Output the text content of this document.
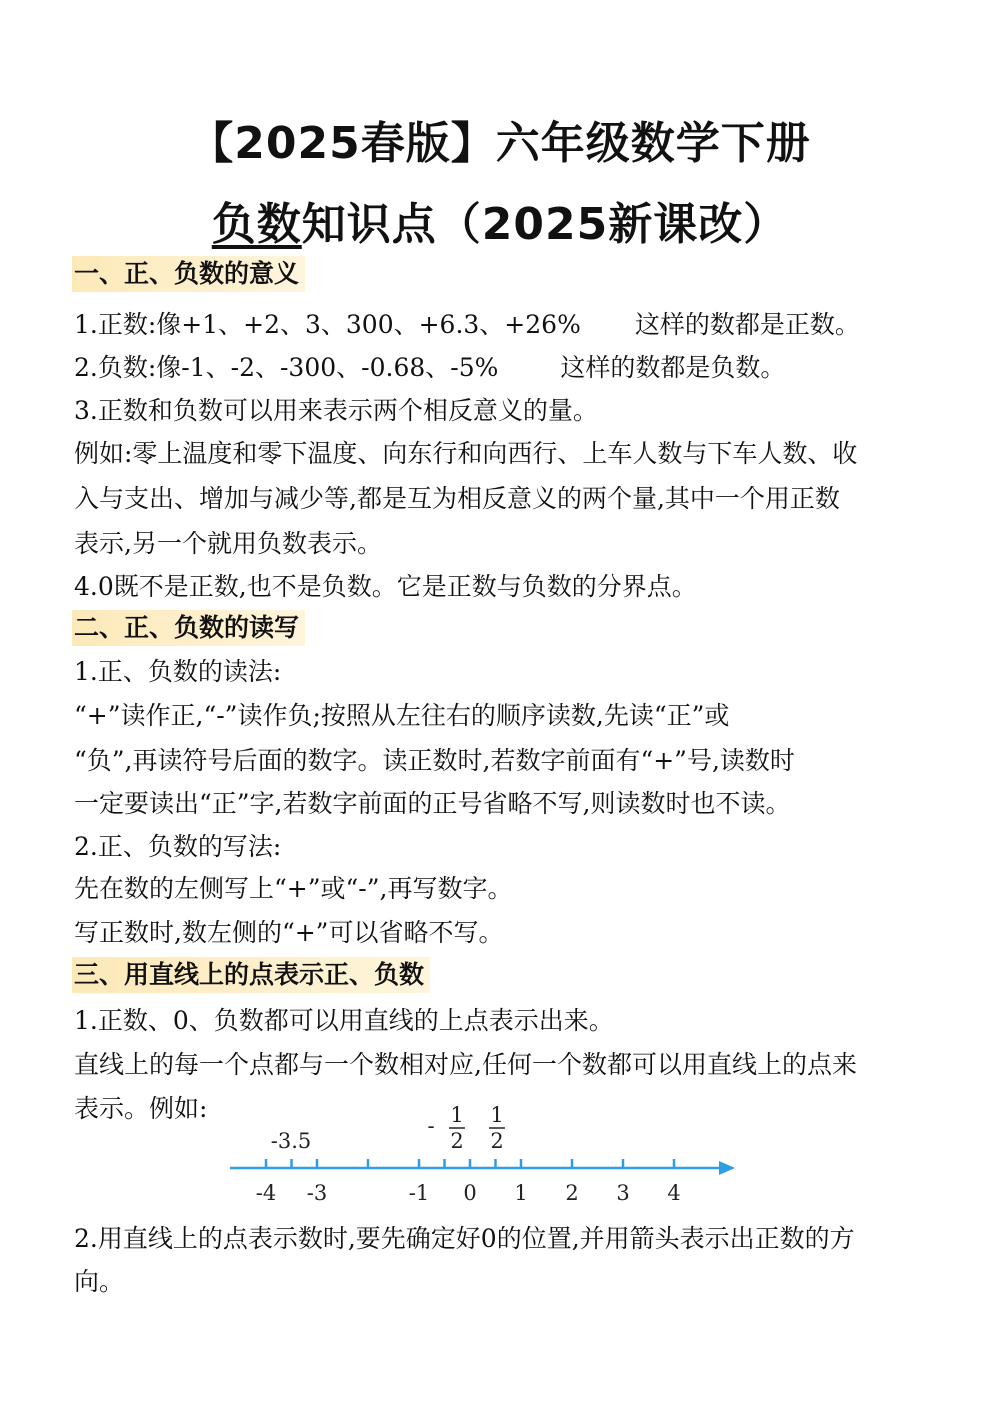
【2025春版】六年级数学下册
负数知识点（2025新课改）
一、正、负数的意义
1.正数:像+1、+2、3、300、+6.3、+26% 这样的数都是正数。
2.负数:像-1、-2、-300、-0.68、-5% 这样的数都是负数。
3.正数和负数可以用来表示两个相反意义的量。
例如:零上温度和零下温度、向东行和向西行、上车人数与下车人数、收
入与支出、增加与减少等,都是互为相反意义的两个量,其中一个用正数
表示,另一个就用负数表示。
4.0既不是正数,也不是负数。它是正数与负数的分界点。
二、正、负数的读写
1.正、负数的读法:
“+”读作正,“-”读作负;按照从左往右的顺序读数,先读“正”或
“负”,再读符号后面的数字。读正数时,若数字前面有“+”号,读数时
一定要读出“正”字,若数字前面的正号省略不写,则读数时也不读。
2.正、负数的写法:
先在数的左侧写上“+”或“-”,再写数字。
写正数时,数左侧的“+”可以省略不写。
三、用直线上的点表示正、负数
1.正数、0、负数都可以用直线的上点表示出来。
直线上的每一个点都与一个数相对应,任何一个数都可以用直线上的点来
表示。例如:
-4 -3	-1 0 1 2 3 4
-3.5
- 1
2
1
2
2.用直线上的点表示数时,要先确定好0的位置,并用箭头表示出正数的方
向。
